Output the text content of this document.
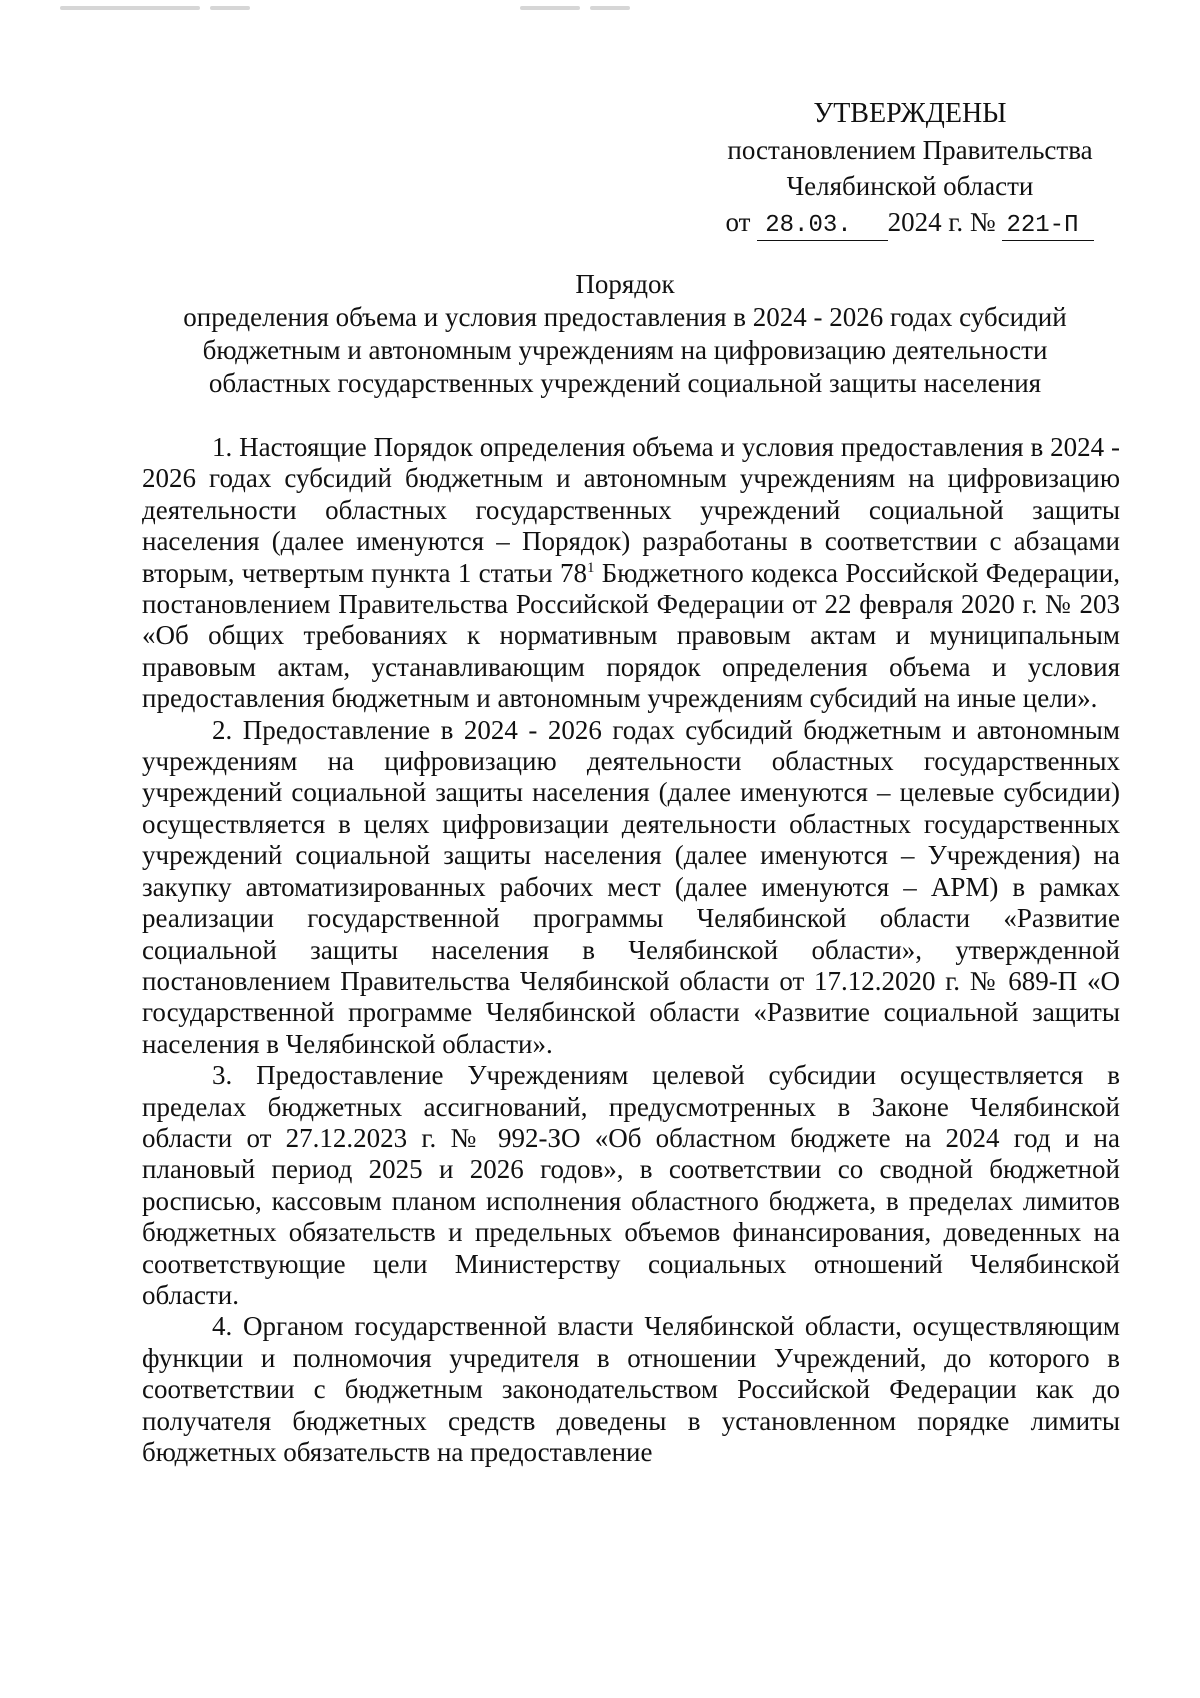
УТВЕРЖДЕНЫ
постановлением Правительства
Челябинской области
от 28.03. 2024 г. № 221-П
Порядок
определения объема и условия предоставления в 2024 - 2026 годах субсидий
бюджетным и автономным учреждениям на цифровизацию деятельности
областных государственных учреждений социальной защиты населения

1. Настоящие Порядок определения объема и условия предоставления в 2024 - 2026 годах субсидий бюджетным и автономным учреждениям на цифровизацию деятельности областных государственных учреждений социальной защиты населения (далее именуются – Порядок) разработаны в соответствии с абзацами вторым, четвертым пункта 1 статьи $78^1$ Бюджетного кодекса Российской Федерации, постановлением Правительства Российской Федерации от 22 февраля 2020 г. № 203 «Об общих требованиях к нормативным правовым актам и муниципальным правовым актам, устанавливающим порядок определения объема и условия предоставления бюджетным и автономным учреждениям субсидий на иные цели».

2. Предоставление в 2024 - 2026 годах субсидий бюджетным и автономным учреждениям на цифровизацию деятельности областных государственных учреждений социальной защиты населения (далее именуются – целевые субсидии) осуществляется в целях цифровизации деятельности областных государственных учреждений социальной защиты населения (далее именуются – Учреждения) на закупку автоматизированных рабочих мест (далее именуются – АРМ) в рамках реализации государственной программы Челябинской области «Развитие социальной защиты населения в Челябинской области», утвержденной постановлением Правительства Челябинской области от 17.12.2020 г. № 689-П «О государственной программе Челябинской области «Развитие социальной защиты населения в Челябинской области».

3. Предоставление Учреждениям целевой субсидии осуществляется в пределах бюджетных ассигнований, предусмотренных в Законе Челябинской области от 27.12.2023 г. № 992-ЗО «Об областном бюджете на 2024 год и на плановый период 2025 и 2026 годов», в соответствии со сводной бюджетной росписью, кассовым планом исполнения областного бюджета, в пределах лимитов бюджетных обязательств и предельных объемов финансирования, доведенных на соответствующие цели Министерству социальных отношений Челябинской области.

4. Органом государственной власти Челябинской области, осуществляющим функции и полномочия учредителя в отношении Учреждений, до которого в соответствии с бюджетным законодательством Российской Федерации как до получателя бюджетных средств доведены в установленном порядке лимиты бюджетных обязательств на предоставление
